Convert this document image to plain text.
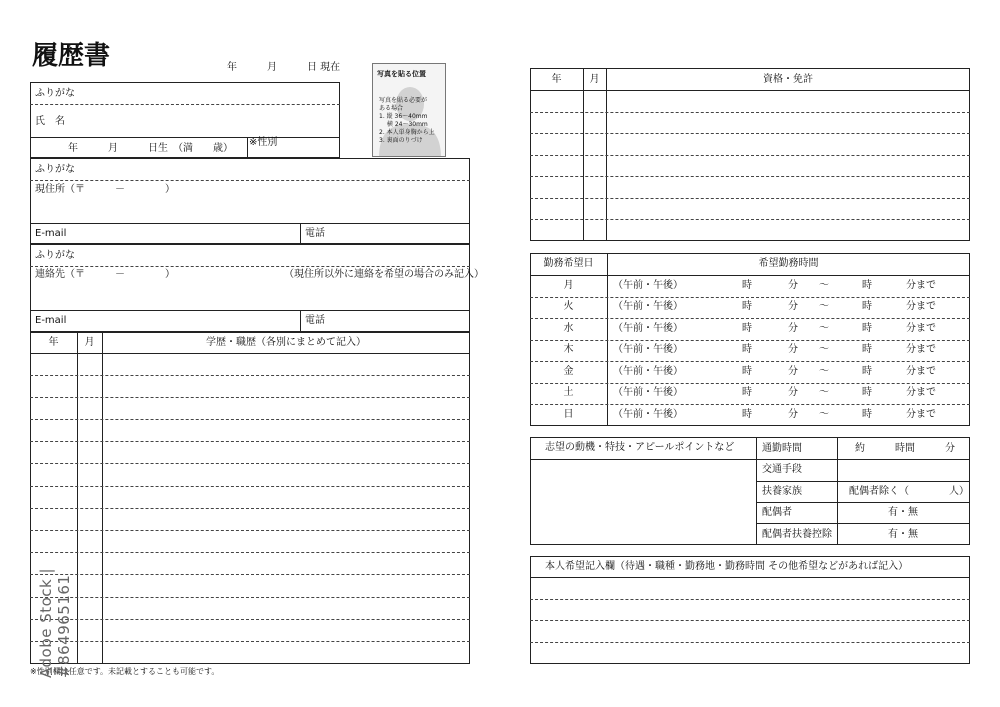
履歴書	年	月	日 現在
写真を貼る位置
写真を貼る必要が
ある場合
1. 縦 36～40mm
　 横 24～30mm
2. 本人単身胸から上
3. 裏面のりづけ
ふりがな
氏　名
年　　　月　　　日生　（満　　歳）
※性別
ふりがな
現住所（〒　　　－　　　　）
E-mail	電話
ふりがな
連絡先（〒　　　－　　　　）	（現住所以外に連絡を希望の場合のみ記入）
E-mail	電話
年	月	学歴・職歴（各別にまとめて記入）
※性別欄は任意です。未記載とすることも可能です。
年	月	資格・免許
勤務希望日	希望勤務時間
月	（午前・午後）	時	分 ～	時	分まで
火	（午前・午後）	時	分 ～	時	分まで
水	（午前・午後）	時	分 ～	時	分まで
木	（午前・午後）	時	分 ～	時	分まで
金	（午前・午後）	時	分 ～	時	分まで
土	（午前・午後）	時	分 ～	時	分まで
日	（午前・午後）	時	分 ～	時	分まで
志望の動機・特技・アピールポイントなど	通勤時間	約	時間	分
交通手段
扶養家族	配偶者除く（　　　　人）
配偶者	有・無
配偶者扶養控除	有・無
本人希望記入欄（待遇・職種・勤務地・勤務時間 その他希望などがあれば記入）
Adobe Stock | #864965161
